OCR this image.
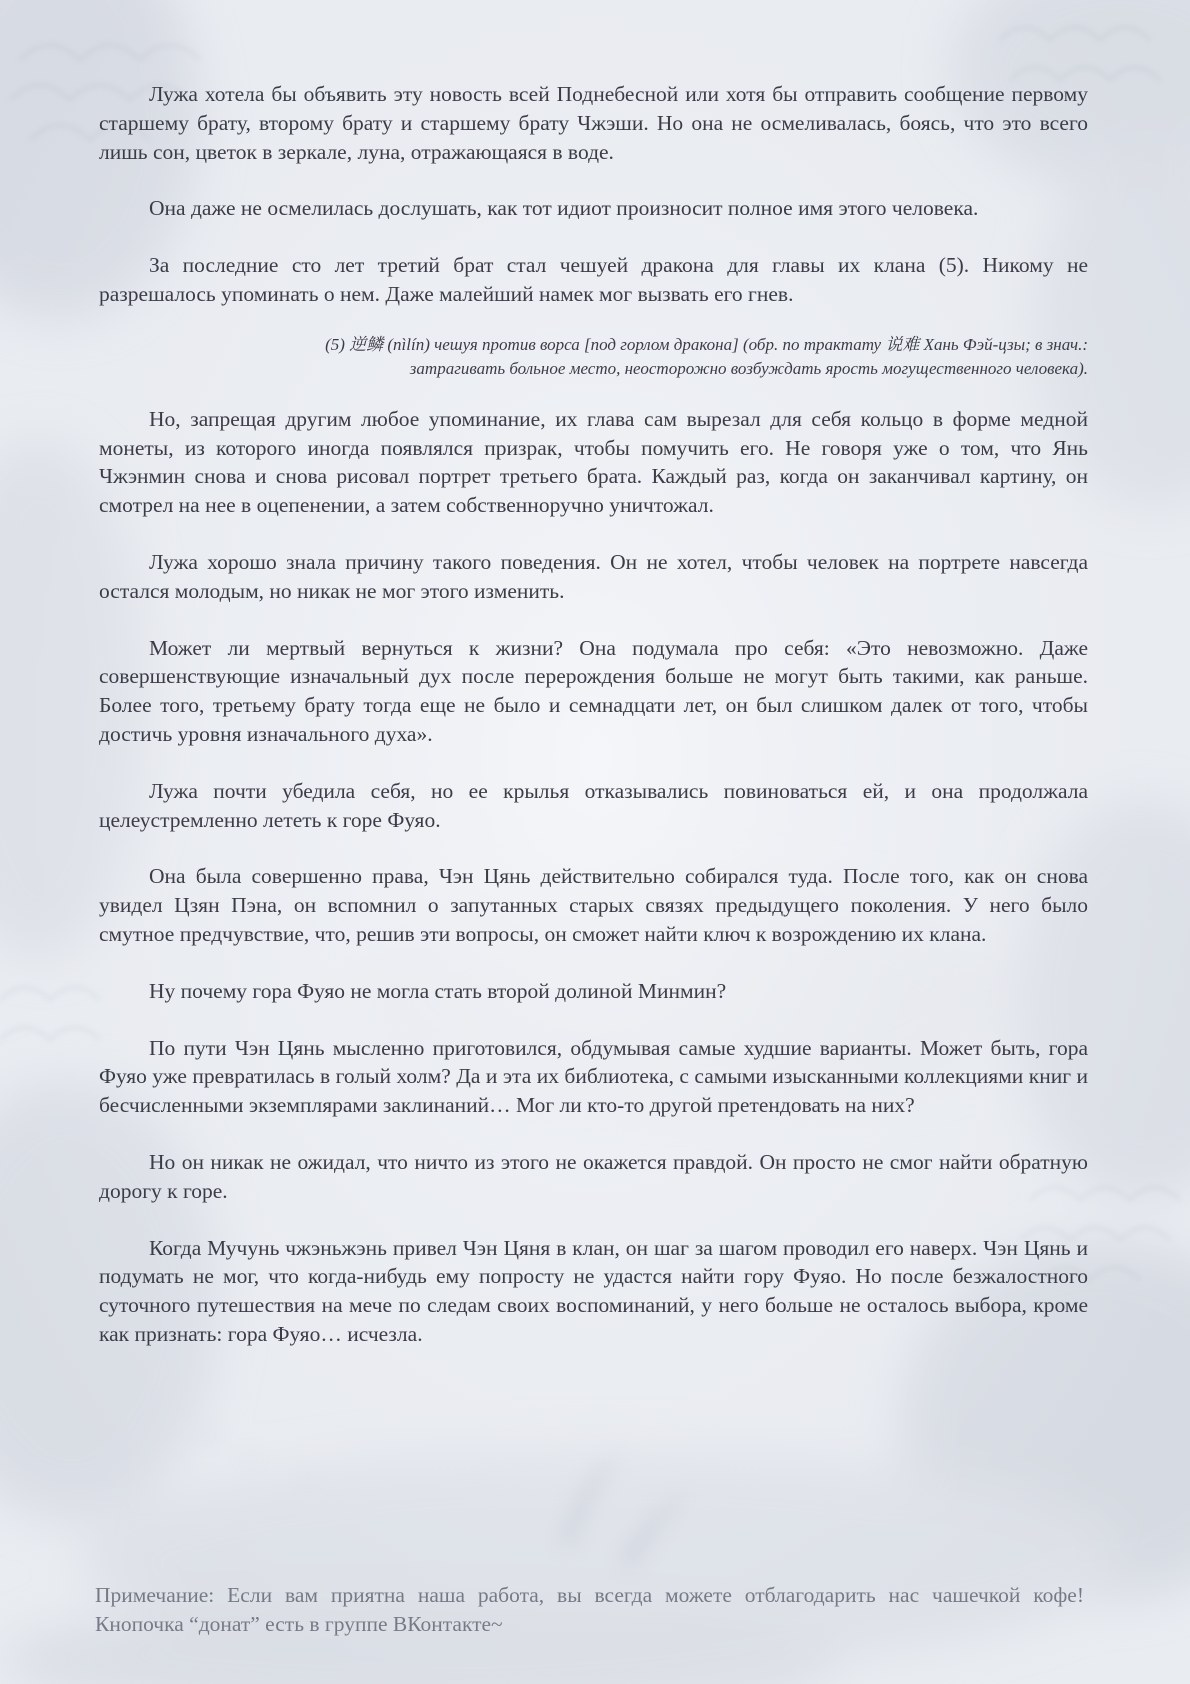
Лужа хотела бы объявить эту новость всей Поднебесной или хотя бы отправить сообщение первому старшему брату, второму брату и старшему брату Чжэши. Но она не осмеливалась, боясь, что это всего лишь сон, цветок в зеркале, луна, отражающаяся в воде.

Она даже не осмелилась дослушать, как тот идиот произносит полное имя этого человека.

За последние сто лет третий брат стал чешуей дракона для главы их клана (5). Никому не разрешалось упоминать о нем. Даже малейший намек мог вызвать его гнев.

(5) 逆鳞 (nìlín) чешуя против ворса [под горлом дракона] (обр. по трактату 说难 Хань Фэй-цзы; в знач.:
затрагивать больное место, неосторожно возбуждать ярость могущественного человека).

Но, запрещая другим любое упоминание, их глава сам вырезал для себя кольцо в форме медной монеты, из которого иногда появлялся призрак, чтобы помучить его. Не говоря уже о том, что Янь Чжэнмин снова и снова рисовал портрет третьего брата. Каждый раз, когда он заканчивал картину, он смотрел на нее в оцепенении, а затем собственноручно уничтожал.

Лужа хорошо знала причину такого поведения. Он не хотел, чтобы человек на портрете навсегда остался молодым, но никак не мог этого изменить.

Может ли мертвый вернуться к жизни? Она подумала про себя: «Это невозможно. Даже совершенствующие изначальный дух после перерождения больше не могут быть такими, как раньше. Более того, третьему брату тогда еще не было и семнадцати лет, он был слишком далек от того, чтобы достичь уровня изначального духа».

Лужа почти убедила себя, но ее крылья отказывались повиноваться ей, и она продолжала целеустремленно лететь к горе Фуяо.

Она была совершенно права, Чэн Цянь действительно собирался туда. После того, как он снова увидел Цзян Пэна, он вспомнил о запутанных старых связях предыдущего поколения. У него было смутное предчувствие, что, решив эти вопросы, он сможет найти ключ к возрождению их клана.

Ну почему гора Фуяо не могла стать второй долиной Минмин?

По пути Чэн Цянь мысленно приготовился, обдумывая самые худшие варианты. Может быть, гора Фуяо уже превратилась в голый холм? Да и эта их библиотека, с самыми изысканными коллекциями книг и бесчисленными экземплярами заклинаний… Мог ли кто-то другой претендовать на них?

Но он никак не ожидал, что ничто из этого не окажется правдой. Он просто не смог найти обратную дорогу к горе.

Когда Мучунь чжэньжэнь привел Чэн Цяня в клан, он шаг за шагом проводил его наверх. Чэн Цянь и подумать не мог, что когда-нибудь ему попросту не удастся найти гору Фуяо. Но после безжалостного суточного путешествия на мече по следам своих воспоминаний, у него больше не осталось выбора, кроме как признать: гора Фуяо… исчезла.

Примечание: Если вам приятна наша работа, вы всегда можете отблагодарить нас чашечкой кофе! Кнопочка “донат” есть в группе ВКонтакте~
